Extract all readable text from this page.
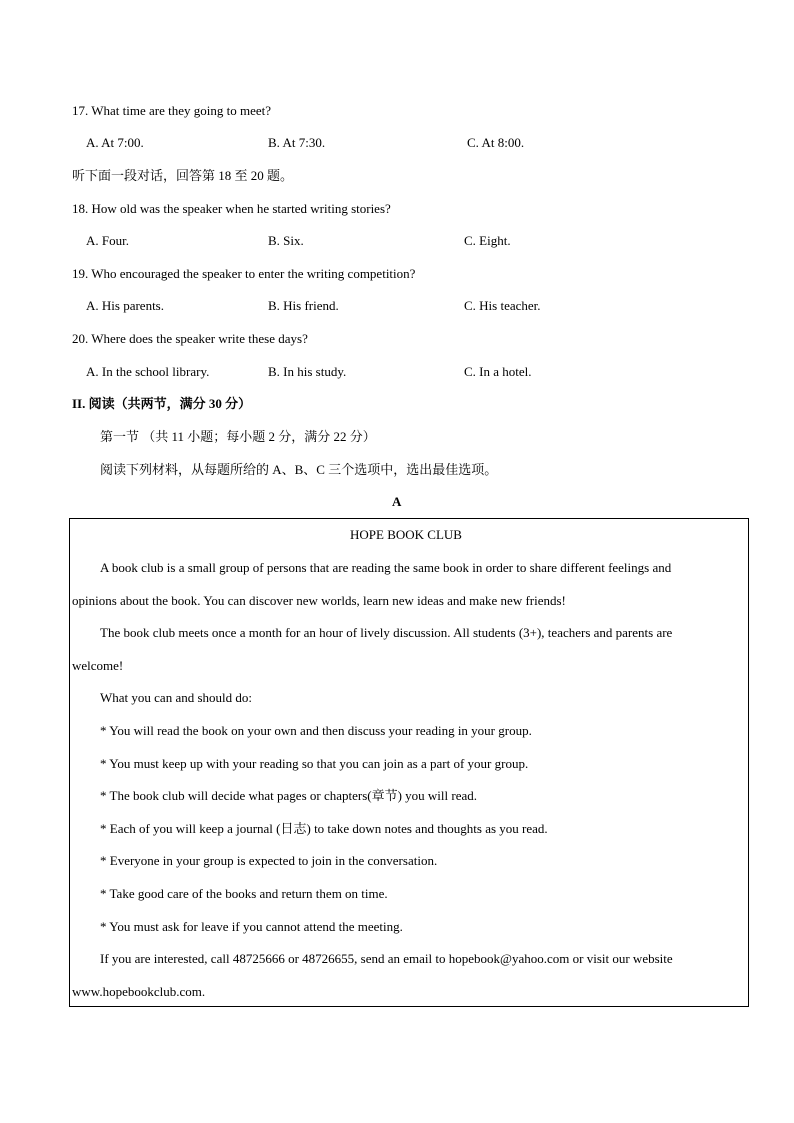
17. What time are they going to meet?
A. At 7:00.	B. At 7:30.	C. At 8:00.
听下面一段对话，回答第 18 至 20 题。
18. How old was the speaker when he started writing stories?
A. Four.	B. Six.	C. Eight.
19. Who encouraged the speaker to enter the writing competition?
A. His parents.	B. His friend.	C. His teacher.
20. Where does the speaker write these days?
A. In the school library.	B. In his study.	C. In a hotel.
II. 阅读（共两节，满分 30 分）
第一节 （共 11 小题；每小题 2 分，满分 22 分）
阅读下列材料，从每题所给的 A、B、C 三个选项中，选出最佳选项。
A
HOPE BOOK CLUB
A book club is a small group of persons that are reading the same book in order to share different feelings and
opinions about the book. You can discover new worlds, learn new ideas and make new friends!
The book club meets once a month for an hour of lively discussion. All students (3+), teachers and parents are
welcome!
What you can and should do:
* You will read the book on your own and then discuss your reading in your group.
* You must keep up with your reading so that you can join as a part of your group.
* The book club will decide what pages or chapters(章节) you will read.
* Each of you will keep a journal (日志) to take down notes and thoughts as you read.
* Everyone in your group is expected to join in the conversation.
* Take good care of the books and return them on time.
* You must ask for leave if you cannot attend the meeting.
If you are interested, call 48725666 or 48726655, send an email to hopebook@yahoo.com or visit our website
www.hopebookclub.com.
